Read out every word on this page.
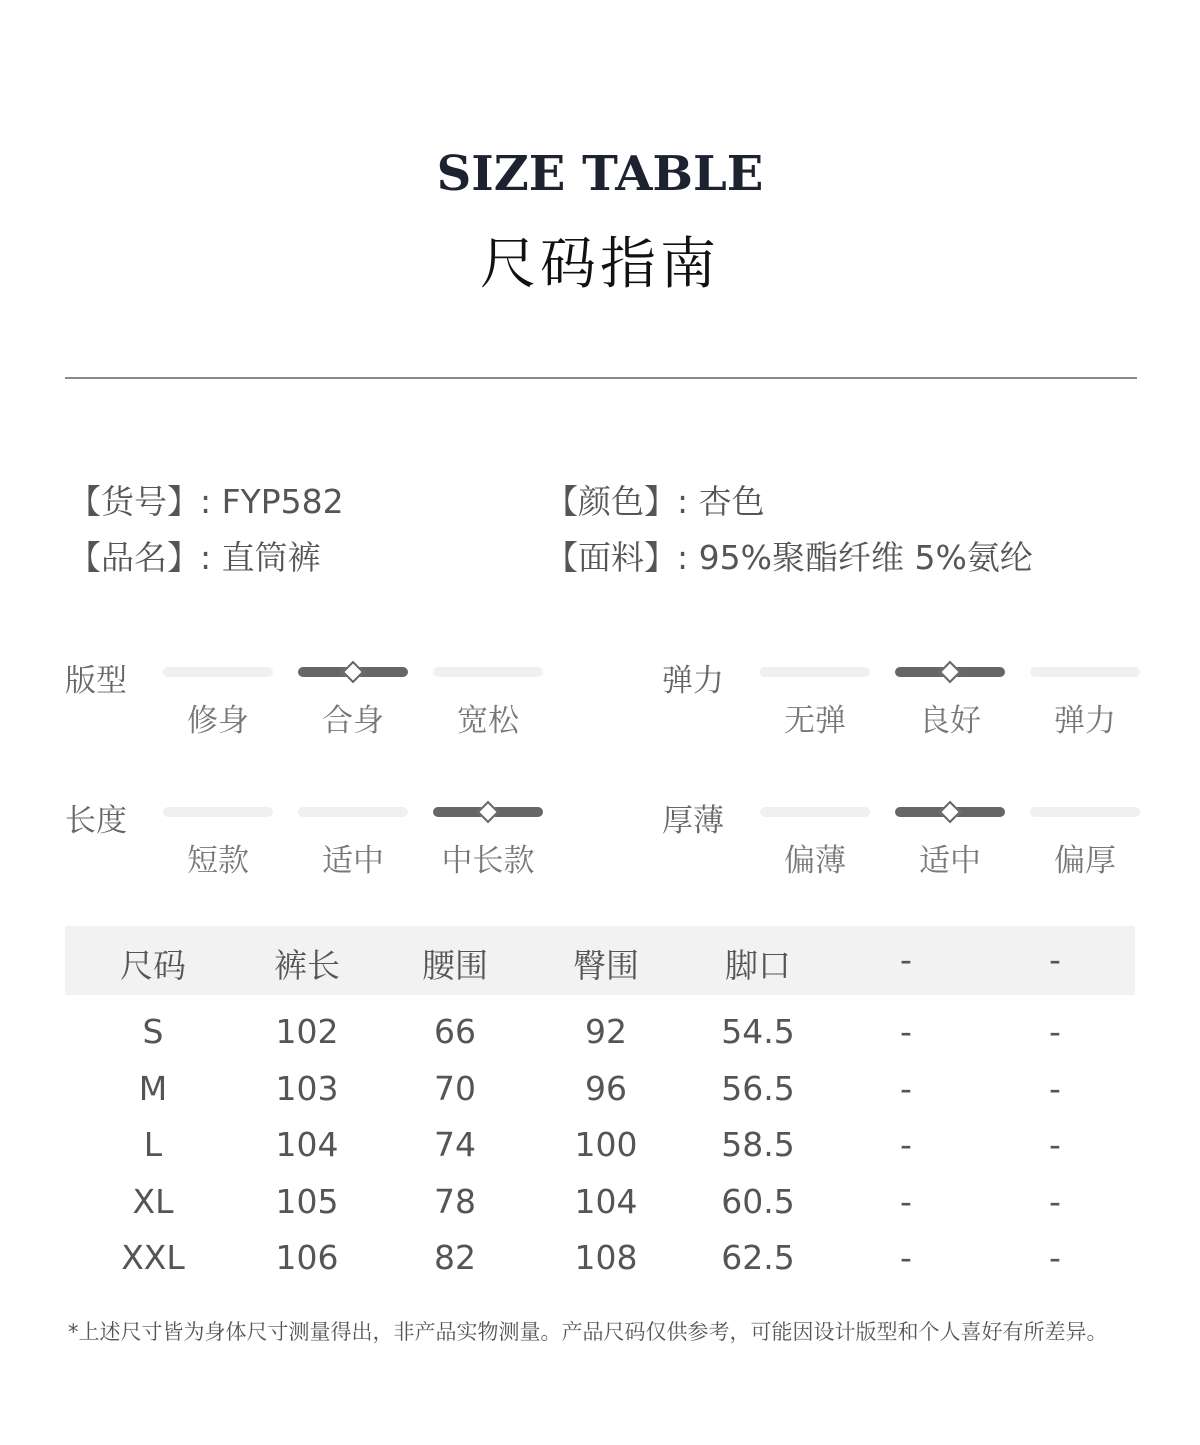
SIZE TABLE
尺码指南
【货号】: FYP582
【品名】: 直筒裤
【颜色】: 杏色
【面料】: 95%聚酯纤维 5%氨纶
版型
修身	合身	宽松
弹力
无弹	良好	弹力
长度
短款	适中	中长款
厚薄
偏薄	适中	偏厚
尺码	裤长	腰围	臀围	脚口	-	-
S	102	66	92	54.5	-	-
M	103	70	96	56.5	-	-
L	104	74	100	58.5	-	-
XL	105	78	104	60.5	-	-
XXL	106	82	108	62.5	-	-
*上述尺寸皆为身体尺寸测量得出，非产品实物测量。产品尺码仅供参考，可能因设计版型和个人喜好有所差异。
